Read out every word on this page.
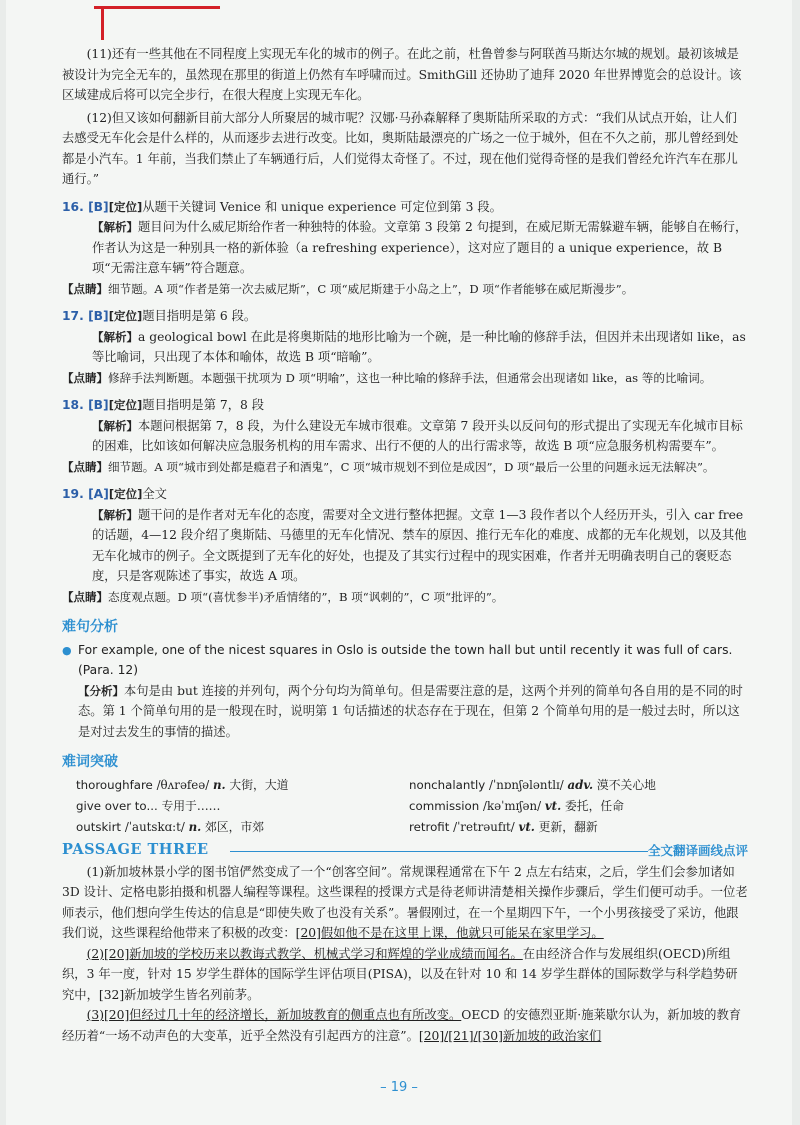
(11)还有一些其他在不同程度上实现无车化的城市的例子。在此之前，杜鲁曾参与阿联酋马斯达尔城的规划。最初该城是被设计为完全无车的，虽然现在那里的街道上仍然有车呼啸而过。SmithGill 还协助了迪拜 2020 年世界博览会的总设计。该区域建成后将可以完全步行，在很大程度上实现无车化。

(12)但又该如何翻新目前大部分人所聚居的城市呢？汉娜·马孙森解释了奥斯陆所采取的方式：“我们从试点开始，让人们去感受无车化会是什么样的，从而逐步去进行改变。比如，奥斯陆最漂亮的广场之一位于城外，但在不久之前，那儿曾经到处都是小汽车。1 年前，当我们禁止了车辆通行后，人们觉得太奇怪了。不过，现在他们觉得奇怪的是我们曾经允许汽车在那儿通行。”

16. [B][定位]从题干关键词 Venice 和 unique experience 可定位到第 3 段。

【解析】题目问为什么威尼斯给作者一种独特的体验。文章第 3 段第 2 句提到，在威尼斯无需躲避车辆，能够自在畅行，作者认为这是一种别具一格的新体验（a refreshing experience），这对应了题目的 a unique experience，故 B 项“无需注意车辆”符合题意。

【点睛】细节题。A 项“作者是第一次去威尼斯”，C 项“威尼斯建于小岛之上”，D 项“作者能够在威尼斯漫步”。

17. [B][定位]题目指明是第 6 段。

【解析】a geological bowl 在此是将奥斯陆的地形比喻为一个碗，是一种比喻的修辞手法，但因并未出现诸如 like，as 等比喻词，只出现了本体和喻体，故选 B 项“暗喻”。

【点睛】修辞手法判断题。本题强干扰项为 D 项“明喻”，这也一种比喻的修辞手法，但通常会出现诸如 like，as 等的比喻词。

18. [B][定位]题目指明是第 7，8 段

【解析】本题问根据第 7，8 段，为什么建设无车城市很难。文章第 7 段开头以反问句的形式提出了实现无车化城市目标的困难，比如该如何解决应急服务机构的用车需求、出行不便的人的出行需求等，故选 B 项“应急服务机构需要车”。

【点睛】细节题。A 项“城市到处都是瘾君子和酒鬼”，C 项“城市规划不到位是成因”，D 项“最后一公里的问题永远无法解决”。

19. [A][定位]全文

【解析】题干问的是作者对无车化的态度，需要对全文进行整体把握。文章 1—3 段作者以个人经历开头，引入 car free 的话题，4—12 段介绍了奥斯陆、马德里的无车化情况、禁车的原因、推行无车化的难度、成都的无车化规划，以及其他无车化城市的例子。全文既提到了无车化的好处，也提及了其实行过程中的现实困难，作者并无明确表明自己的褒贬态度，只是客观陈述了事实，故选 A 项。

【点睛】态度观点题。D 项“(喜忧参半)矛盾情绪的”，B 项“讽刺的”，C 项“批评的”。

难句分析
● For example, one of the nicest squares in Oslo is outside the town hall but until recently it was full of cars. (Para. 12)

【分析】本句是由 but 连接的并列句，两个分句均为简单句。但是需要注意的是，这两个并列的简单句各自用的是不同的时态。第 1 个简单句用的是一般现在时，说明第 1 句话描述的状态存在于现在，但第 2 个简单句用的是一般过去时，所以这是对过去发生的事情的描述。

难词突破
thoroughfare /θʌrəfeə/ n. 大街，大道	nonchalantly /ˈnɒnʃələntlɪ/ adv. 漠不关心地
give over to... 专用于……	commission /kəˈmɪʃən/ vt. 委托，任命
outskirt /ˈautskɑ:t/ n. 郊区，市郊	retrofit /ˈretrəufɪt/ vt. 更新，翻新
PASSAGE THREE	全文翻译画线点评

(1)新加坡林景小学的图书馆俨然变成了一个“创客空间”。常规课程通常在下午 2 点左右结束，之后，学生们会参加诸如 3D 设计、定格电影拍摄和机器人编程等课程。这些课程的授课方式是待老师讲清楚相关操作步骤后，学生们便可动手。一位老师表示，他们想向学生传达的信息是“即使失败了也没有关系”。暑假刚过，在一个星期四下午，一个小男孩接受了采访，他跟我们说，这些课程给他带来了积极的改变：[20]假如他不是在这里上课，他就只可能呆在家里学习。

(2)[20]新加坡的学校历来以教诲式教学、机械式学习和辉煌的学业成绩而闻名。在由经济合作与发展组织(OECD)所组织，3 年一度，针对 15 岁学生群体的国际学生评估项目(PISA)，以及在针对 10 和 14 岁学生群体的国际数学与科学趋势研究中，[32]新加坡学生皆名列前茅。

(3)[20]但经过几十年的经济增长，新加坡教育的侧重点也有所改变。OECD 的安德烈亚斯·施莱歇尔认为，新加坡的教育经历着“一场不动声色的大变革，近乎全然没有引起西方的注意”。[20]/[21]/[30]新加坡的政治家们

– 19 –
